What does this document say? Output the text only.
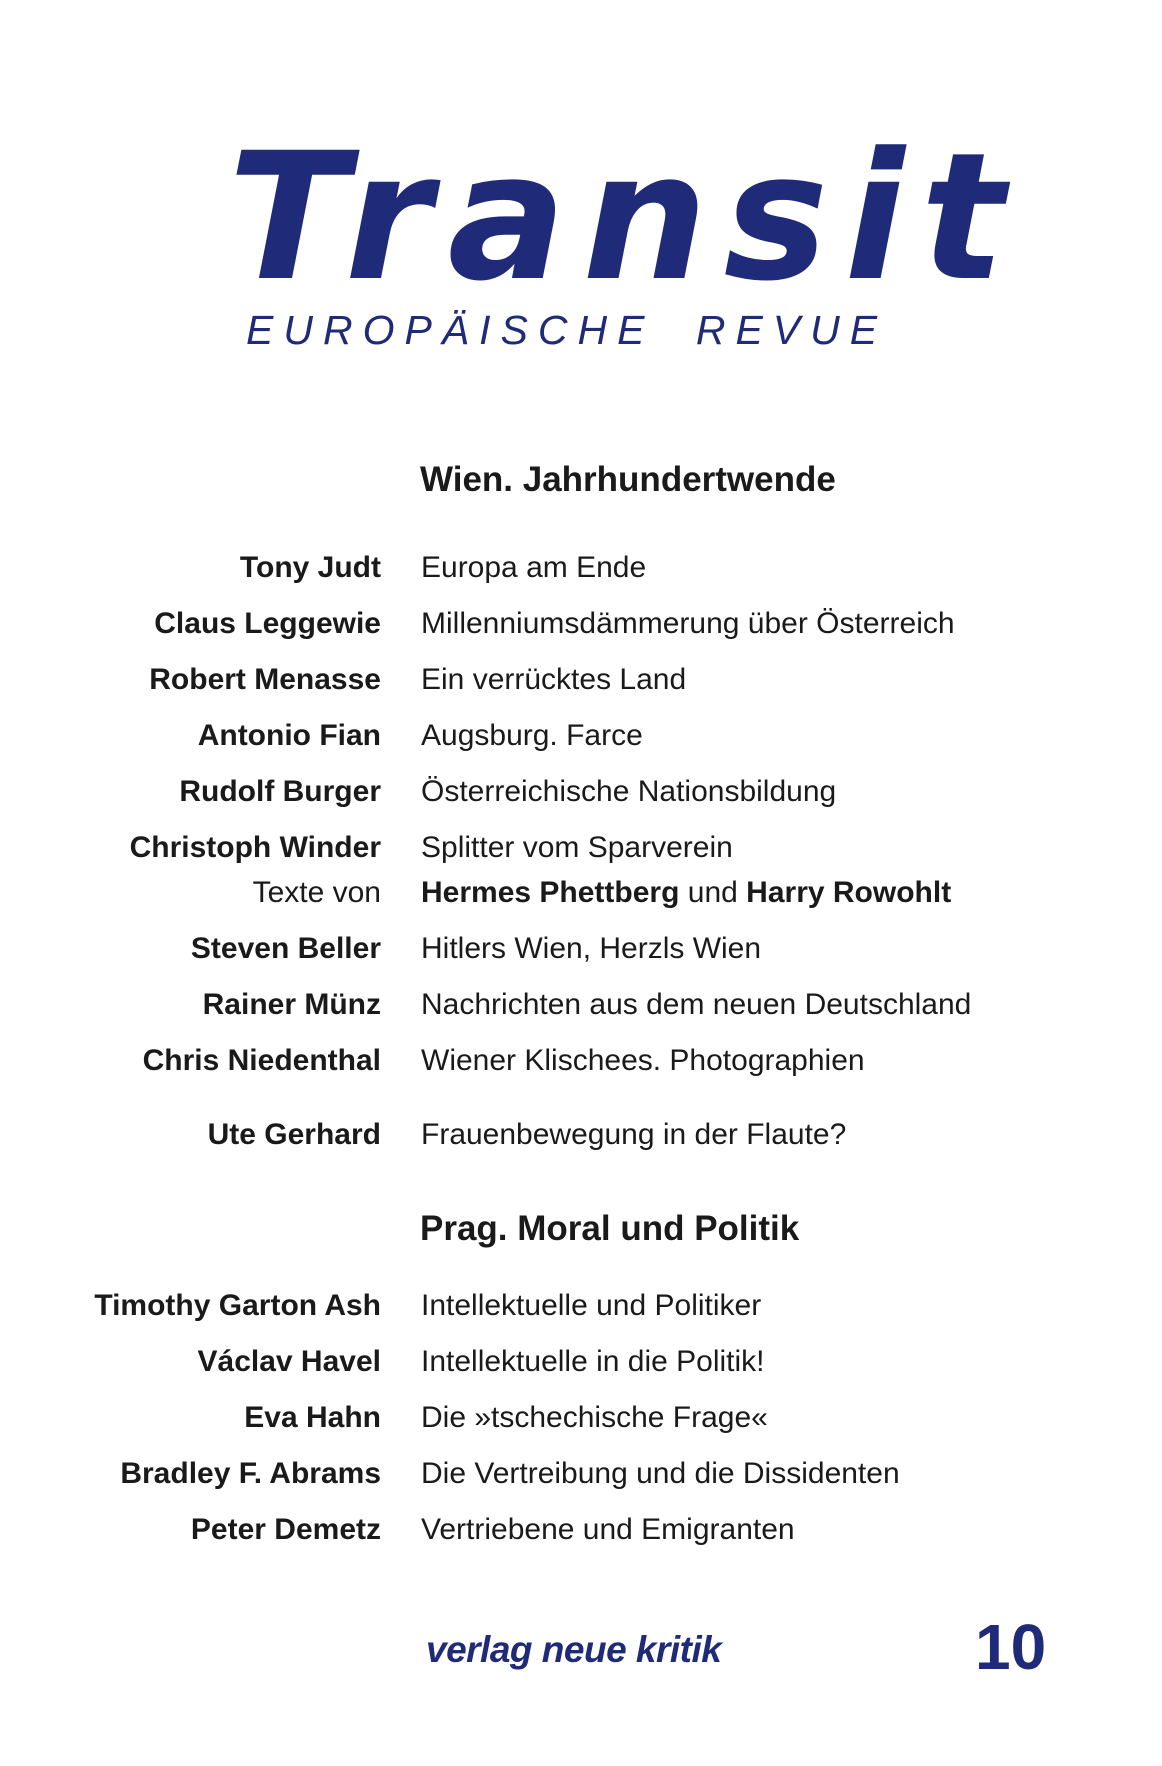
Transit

EUROPÄISCHE REVUE

Wien. Jahrhundertwende
Tony Judt Europa am Ende
Claus Leggewie Millenniumsdämmerung über Österreich
Robert Menasse Ein verrücktes Land
Antonio Fian Augsburg. Farce
Rudolf Burger Österreichische Nationsbildung
Christoph Winder Splitter vom Sparverein
Texte von Hermes Phettberg und Harry Rowohlt
Steven Beller Hitlers Wien, Herzls Wien
Rainer Münz Nachrichten aus dem neuen Deutschland
Chris Niedenthal Wiener Klischees. Photographien
Ute Gerhard Frauenbewegung in der Flaute?
Prag. Moral und Politik
Timothy Garton Ash Intellektuelle und Politiker
Václav Havel Intellektuelle in die Politik!
Eva Hahn Die »tschechische Frage«
Bradley F. Abrams Die Vertreibung und die Dissidenten
Peter Demetz Vertriebene und Emigranten
verlag neue kritik	10
